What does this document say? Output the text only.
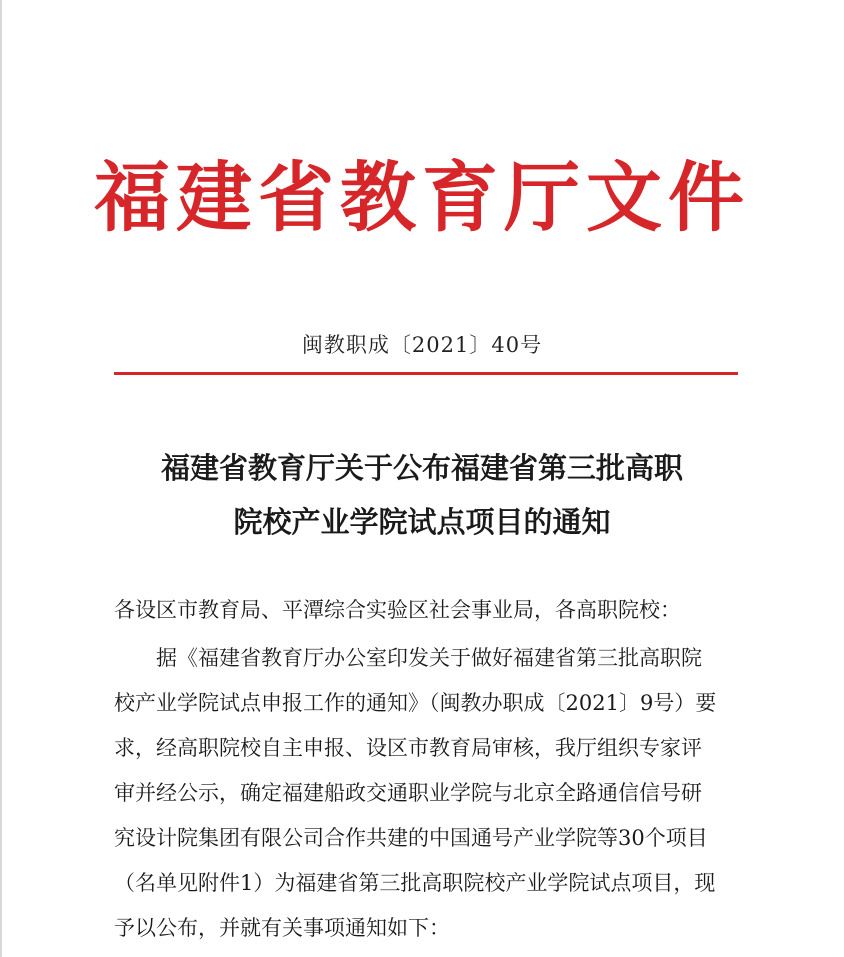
福建省教育厅文件
闽教职成〔2021〕40号
福建省教育厅关于公布福建省第三批高职
院校产业学院试点项目的通知
各设区市教育局、平潭综合实验区社会事业局，各高职院校：
据《福建省教育厅办公室印发关于做好福建省第三批高职院
校产业学院试点申报工作的通知》（闽教办职成〔2021〕9号）要
求，经高职院校自主申报、设区市教育局审核，我厅组织专家评
审并经公示，确定福建船政交通职业学院与北京全路通信信号研
究设计院集团有限公司合作共建的中国通号产业学院等30个项目
（名单见附件1）为福建省第三批高职院校产业学院试点项目，现
予以公布，并就有关事项通知如下：
